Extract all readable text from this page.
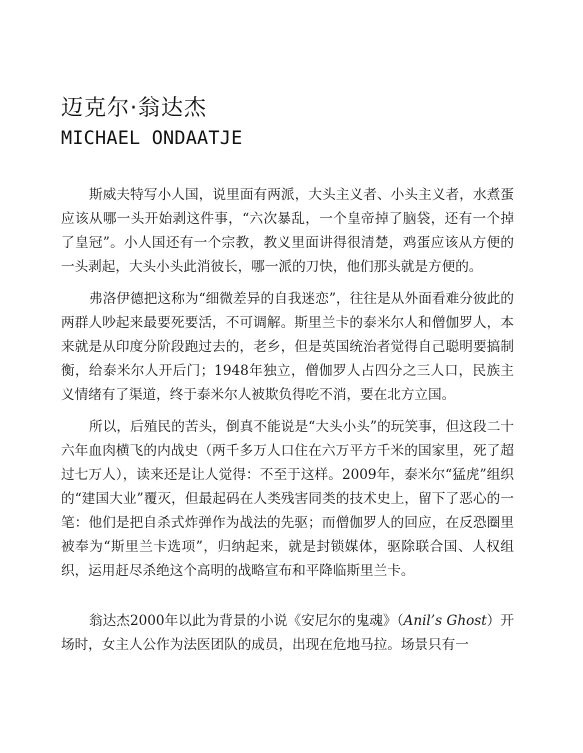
迈克尔·翁达杰
MICHAEL ONDAATJE

斯威夫特写小人国，说里面有两派，大头主义者、小头主义者，水煮蛋应该从哪一头开始剥这件事，“六次暴乱，一个皇帝掉了脑袋，还有一个掉了皇冠”。小人国还有一个宗教，教义里面讲得很清楚，鸡蛋应该从方便的一头剥起，大头小头此消彼长，哪一派的刀快，他们那头就是方便的。

弗洛伊德把这称为“细微差异的自我迷恋”，往往是从外面看难分彼此的两群人吵起来最要死要活，不可调解。斯里兰卡的泰米尔人和僧伽罗人，本来就是从印度分阶段跑过去的，老乡，但是英国统治者觉得自己聪明要搞制衡，给泰米尔人开后门；1948年独立，僧伽罗人占四分之三人口，民族主义情绪有了渠道，终于泰米尔人被欺负得吃不消，要在北方立国。

所以，后殖民的苦头，倒真不能说是“大头小头”的玩笑事，但这段二十六年血肉横飞的内战史（两千多万人口住在六万平方千米的国家里，死了超过七万人），读来还是让人觉得：不至于这样。2009年，泰米尔“猛虎”组织的“建国大业”覆灭，但最起码在人类残害同类的技术史上，留下了恶心的一笔：他们是把自杀式炸弹作为战法的先驱；而僧伽罗人的回应，在反恐圈里被奉为“斯里兰卡选项”，归纳起来，就是封锁媒体，驱除联合国、人权组织，运用赶尽杀绝这个高明的战略宣布和平降临斯里兰卡。

翁达杰2000年以此为背景的小说《安尼尔的鬼魂》（Anil’s Ghost）开场时，女主人公作为法医团队的成员，出现在危地马拉。场景只有一
